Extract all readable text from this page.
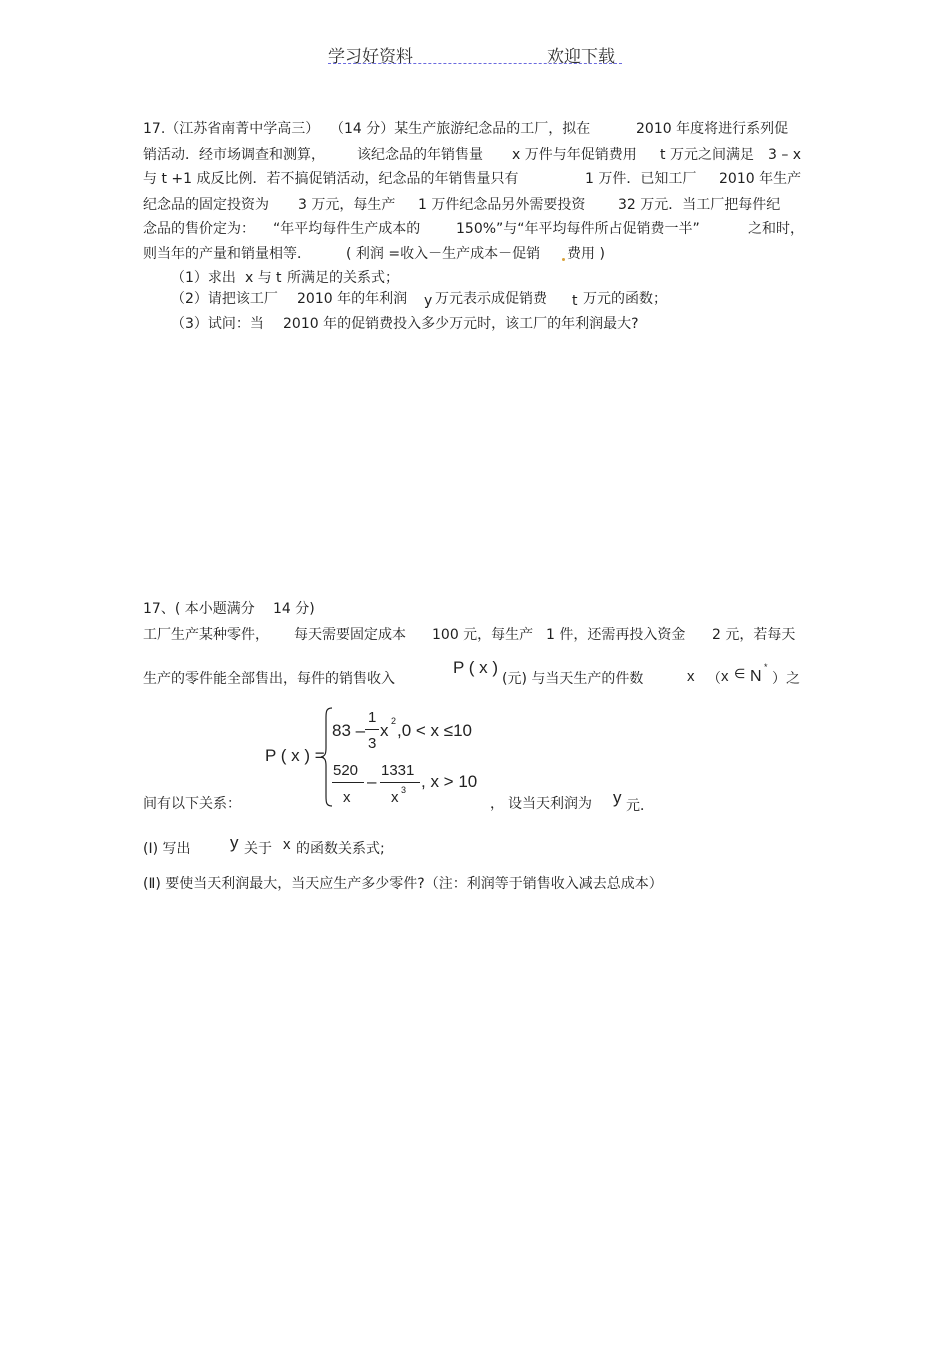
学习好资料	欢迎下载
17.（江苏省南菁中学高三） （14 分）某生产旅游纪念品的工厂，拟在	2010 年度将进行系列促
销活动．经市场调查和测算， 该纪念品的年销售量 x 万件与年促销费用 t 万元之间满足 3 – x
与 t +1 成反比例．若不搞促销活动，纪念品的年销售量只有	1 万件．已知工厂 2010 年生产
纪念品的固定投资为 3 万元，每生产 1 万件纪念品另外需要投资 32 万元．当工厂把每件纪
念品的售价定为： “年平均每件生产成本的	150%”与“年平均每件所占促销费一半”	之和时，
则当年的产量和销量相等．	( 利润 =收入－生产成本－促销 费用 )
（1）求出 x 与 t 所满足的关系式；
（2）请把该工厂 2010 年的年利润 y 万元表示成促销费 t 万元的函数；
（3）试问：当 2010 年的促销费投入多少万元时，该工厂的年利润最大?
17、( 本小题满分 14 分)
工厂生产某种零件， 每天需要固定成本 100 元，每生产 1 件，还需再投入资金 2 元，若每天
生产的零件能全部售出，每件的销售收入
P ( x )
(元) 与当天生产的件数	x （ x ∈ N
*
）之
P ( x ) =
83 –
1
3
x 2 ,0 < x ≤10
520
x
–
1331
x 3 , x > 10
间有以下关系：	， 设当天利润为 y 元．
(Ⅰ) 写出 y 关于 x 的函数关系式;
(Ⅱ) 要使当天利润最大，当天应生产多少零件?（注：利润等于销售收入减去总成本）
